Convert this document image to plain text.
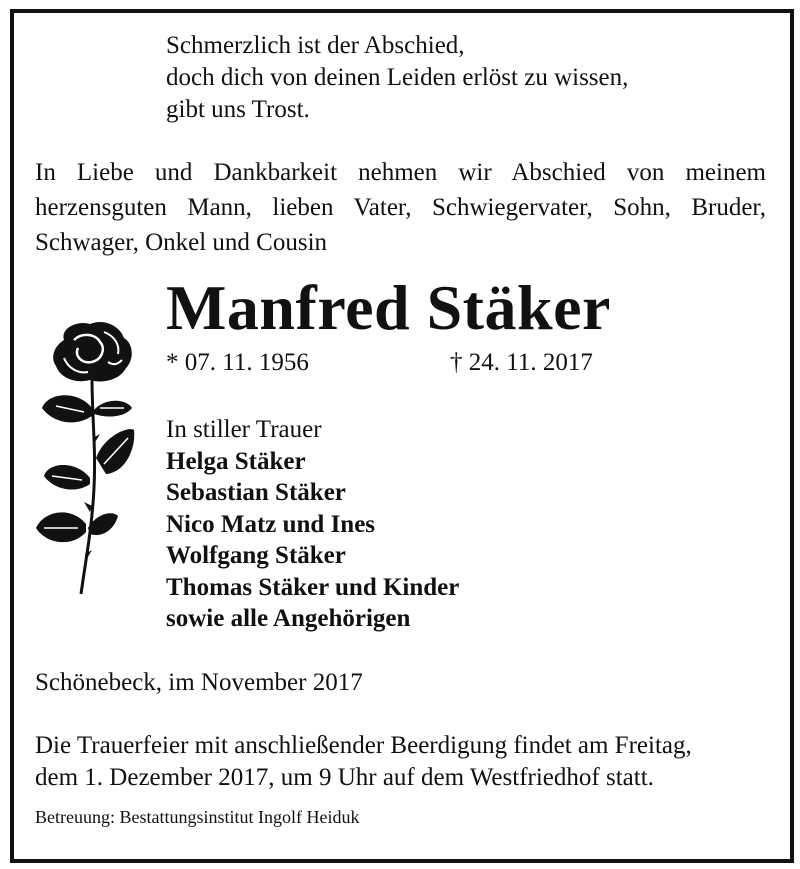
Schmerzlich ist der Abschied,
doch dich von deinen Leiden erlöst zu wissen,
gibt uns Trost.
In Liebe und Dankbarkeit nehmen wir Abschied von meinem
herzensguten Mann, lieben Vater, Schwiegervater, Sohn, Bruder,
Schwager, Onkel und Cousin
Manfred Stäker
* 07. 11. 1956	† 24. 11. 2017
In stiller Trauer
Helga Stäker
Sebastian Stäker
Nico Matz und Ines
Wolfgang Stäker
Thomas Stäker und Kinder
sowie alle Angehörigen
Schönebeck, im November 2017
Die Trauerfeier mit anschließender Beerdigung findet am Freitag,
dem 1. Dezember 2017, um 9 Uhr auf dem Westfriedhof statt.
Betreuung: Bestattungsinstitut Ingolf Heiduk
